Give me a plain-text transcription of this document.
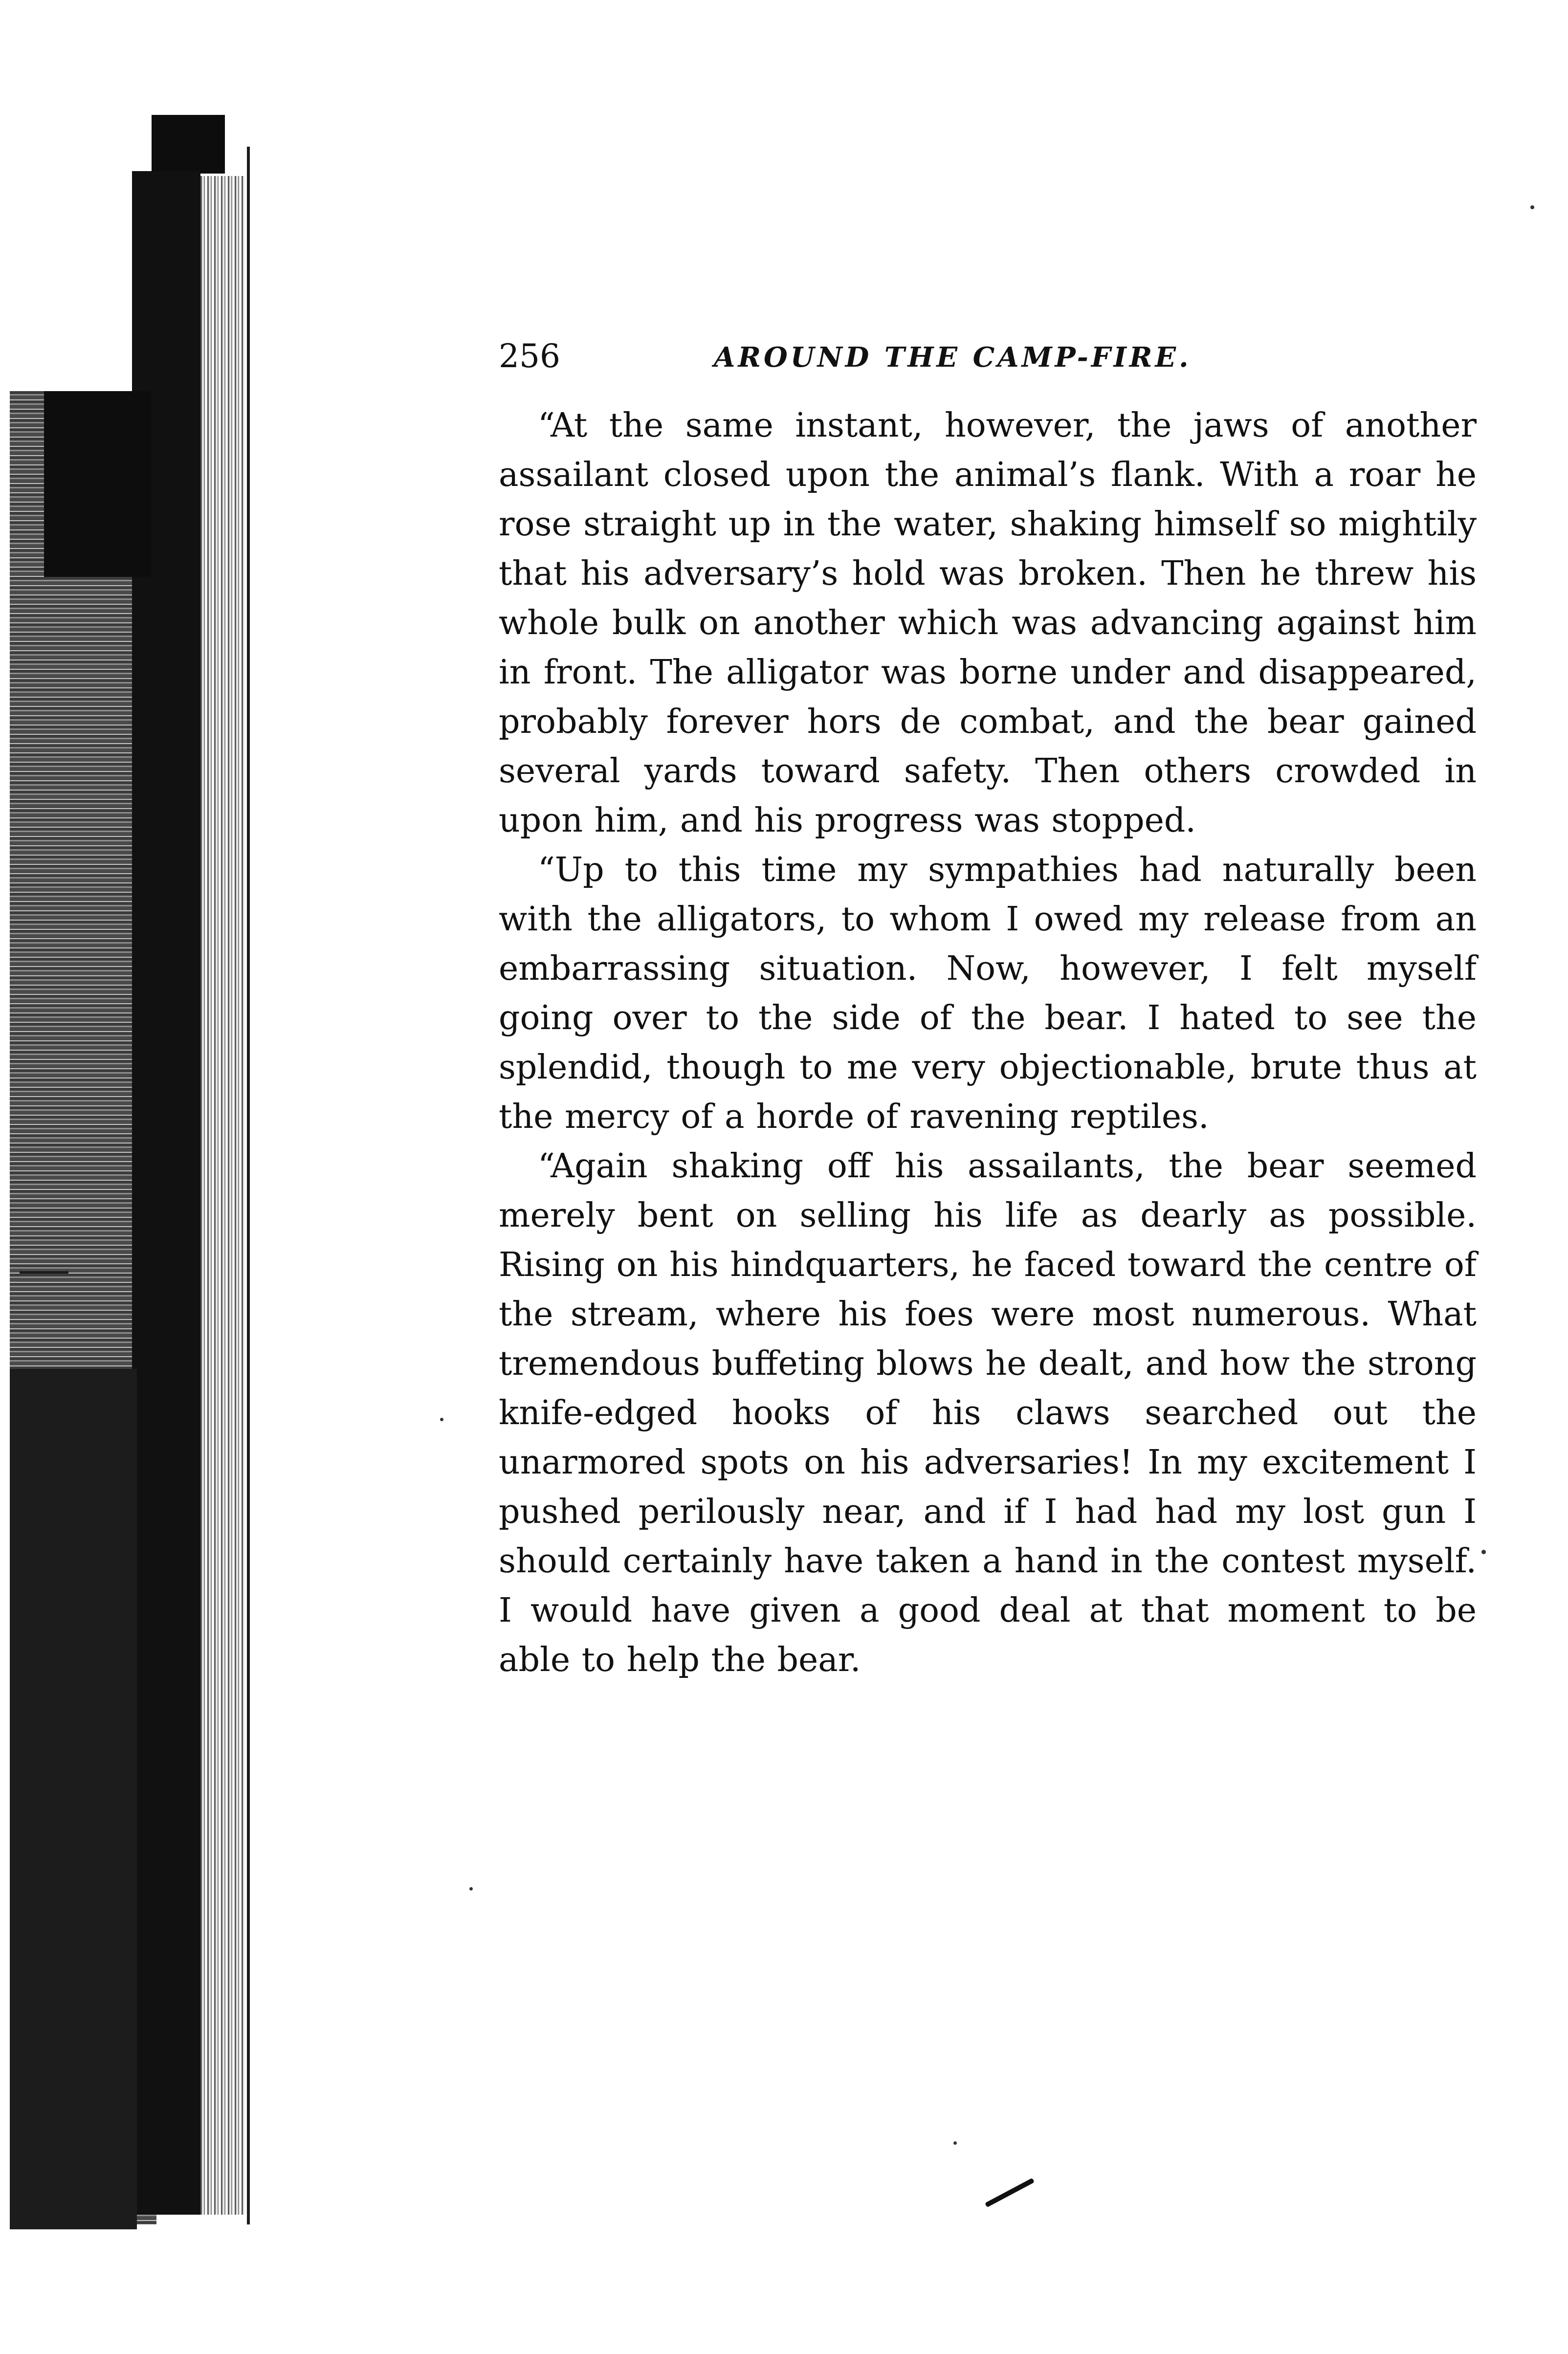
256	AROUND THE CAMP-FIRE.

“At the same instant, however, the jaws of another assailant closed upon the animal’s flank. With a roar he rose straight up in the water, shaking himself so mightily that his adversary’s hold was broken. Then he threw his whole bulk on another which was advancing against him in front. The alligator was borne under and disappeared, probably forever hors de combat, and the bear gained several yards toward safety. Then others crowded in upon him, and his progress was stopped.

“Up to this time my sympathies had naturally been with the alligators, to whom I owed my release from an embarrassing situation. Now, however, I felt myself going over to the side of the bear. I hated to see the splendid, though to me very objectionable, brute thus at the mercy of a horde of ravening reptiles.

“Again shaking off his assailants, the bear seemed merely bent on selling his life as dearly as possible. Rising on his hindquarters, he faced toward the centre of the stream, where his foes were most numerous. What tremendous buffeting blows he dealt, and how the strong knife-edged hooks of his claws searched out the unarmored spots on his adversaries! In my excitement I pushed perilously near, and if I had had my lost gun I should certainly have taken a hand in the contest myself. I would have given a good deal at that moment to be able to help the bear.
